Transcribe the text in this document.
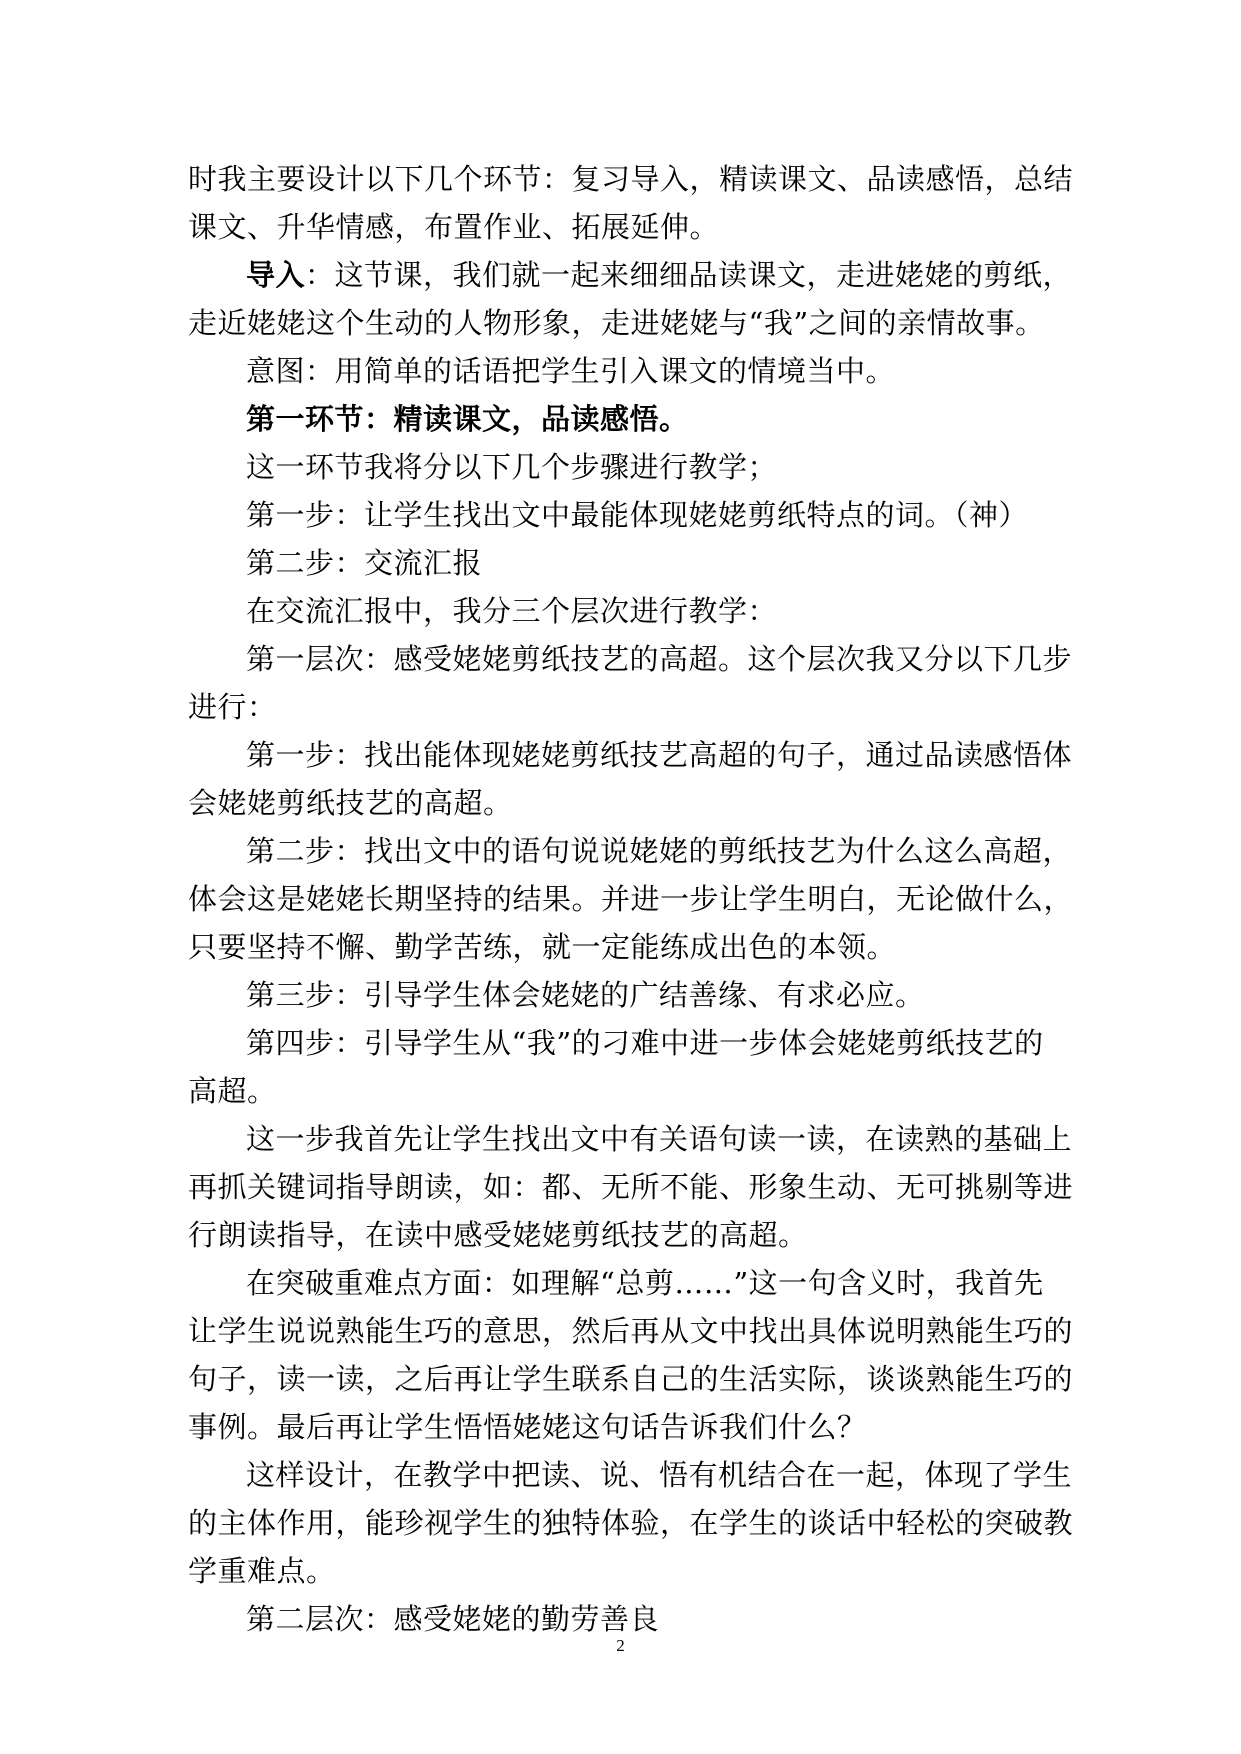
时我主要设计以下几个环节：复习导入，精读课文、品读感悟，总结
课文、升华情感，布置作业、拓展延伸。
导入：这节课，我们就一起来细细品读课文，走进姥姥的剪纸，
走近姥姥这个生动的人物形象，走进姥姥与“我”之间的亲情故事。
意图：用简单的话语把学生引入课文的情境当中。
第一环节：精读课文，品读感悟。
这一环节我将分以下几个步骤进行教学；
第一步：让学生找出文中最能体现姥姥剪纸特点的词。（神）
第二步：交流汇报
在交流汇报中，我分三个层次进行教学：
第一层次：感受姥姥剪纸技艺的高超。这个层次我又分以下几步
进行：
第一步：找出能体现姥姥剪纸技艺高超的句子，通过品读感悟体
会姥姥剪纸技艺的高超。
第二步：找出文中的语句说说姥姥的剪纸技艺为什么这么高超，
体会这是姥姥长期坚持的结果。并进一步让学生明白，无论做什么，
只要坚持不懈、勤学苦练，就一定能练成出色的本领。
第三步：引导学生体会姥姥的广结善缘、有求必应。
第四步：引导学生从“我”的刁难中进一步体会姥姥剪纸技艺的
高超。
这一步我首先让学生找出文中有关语句读一读，在读熟的基础上
再抓关键词指导朗读，如：都、无所不能、形象生动、无可挑剔等进
行朗读指导，在读中感受姥姥剪纸技艺的高超。
在突破重难点方面：如理解“总剪……”这一句含义时，我首先
让学生说说熟能生巧的意思，然后再从文中找出具体说明熟能生巧的
句子，读一读，之后再让学生联系自己的生活实际，谈谈熟能生巧的
事例。最后再让学生悟悟姥姥这句话告诉我们什么？
这样设计，在教学中把读、说、悟有机结合在一起，体现了学生
的主体作用，能珍视学生的独特体验，在学生的谈话中轻松的突破教
学重难点。
第二层次：感受姥姥的勤劳善良
2
